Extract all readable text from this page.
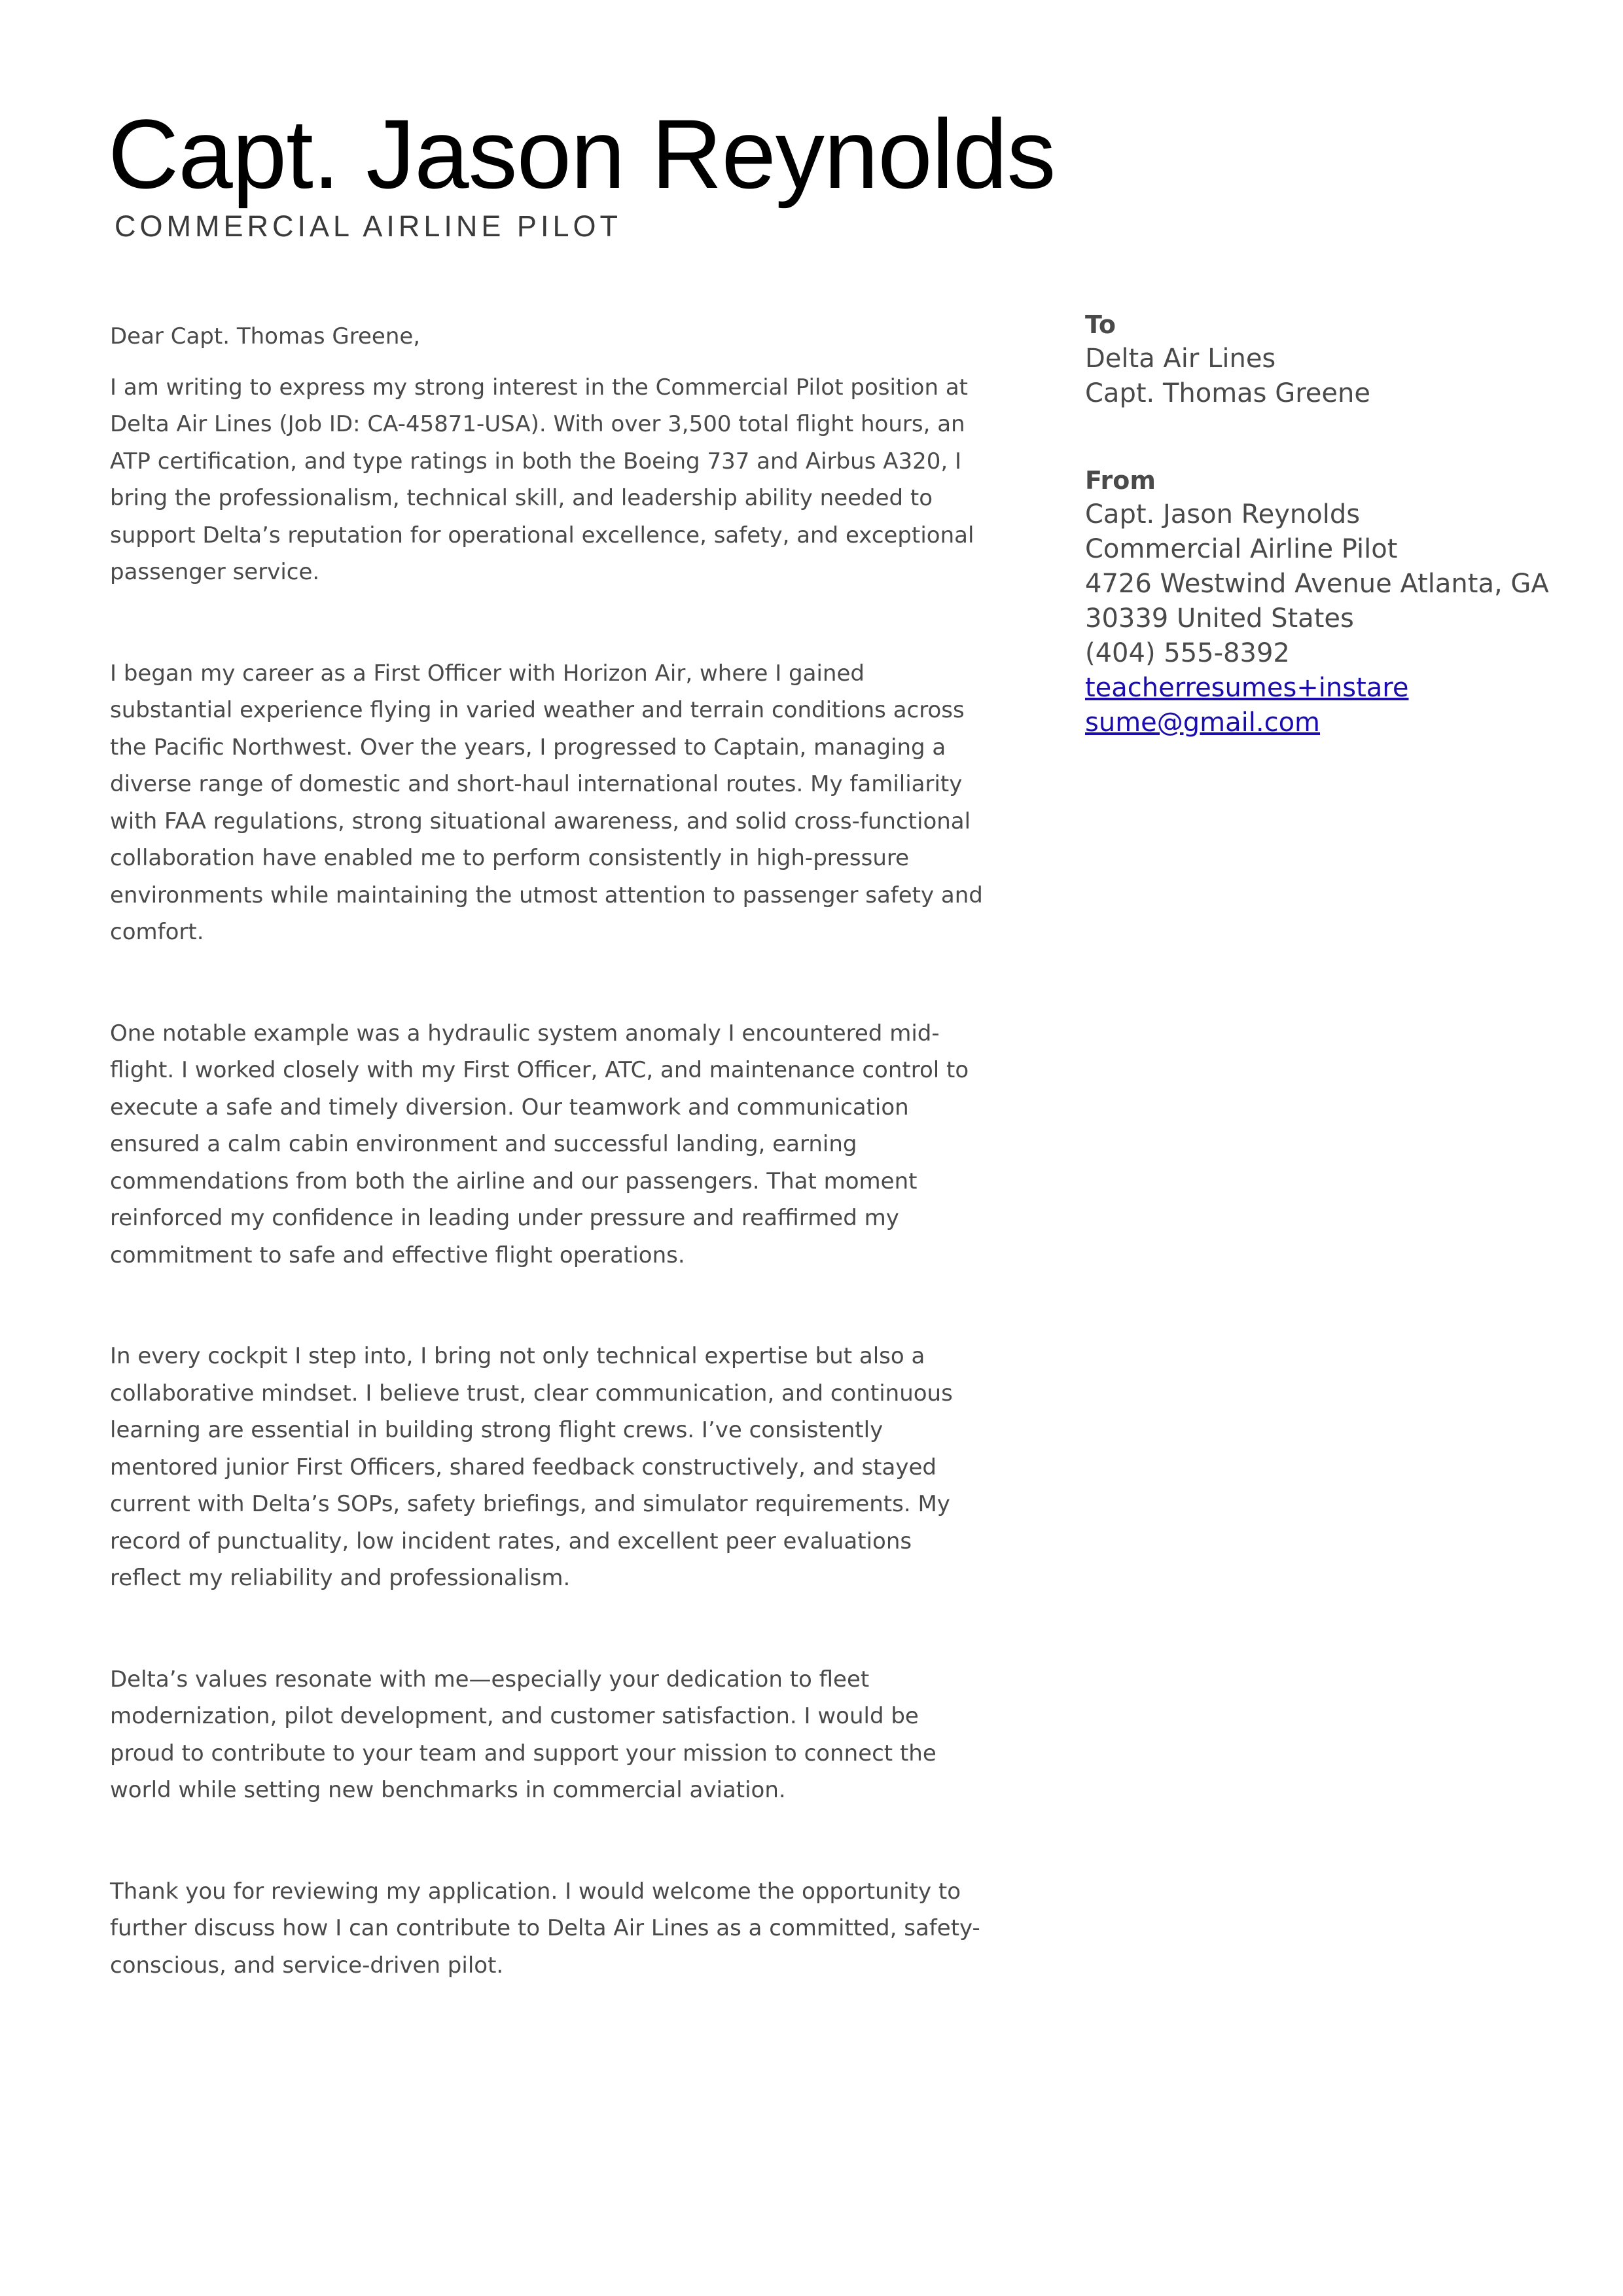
Capt. Jason Reynolds
COMMERCIAL AIRLINE PILOT

Dear Capt. Thomas Greene,

I am writing to express my strong interest in the Commercial Pilot position at Delta Air Lines (Job ID: CA-45871-USA). With over 3,500 total flight hours, an ATP certification, and type ratings in both the Boeing 737 and Airbus A320, I bring the professionalism, technical skill, and leadership ability needed to support Delta’s reputation for operational excellence, safety, and exceptional passenger service.

I began my career as a First Officer with Horizon Air, where I gained substantial experience flying in varied weather and terrain conditions across the Pacific Northwest. Over the years, I progressed to Captain, managing a diverse range of domestic and short-haul international routes. My familiarity with FAA regulations, strong situational awareness, and solid cross-functional collaboration have enabled me to perform consistently in high-pressure environments while maintaining the utmost attention to passenger safety and comfort.

One notable example was a hydraulic system anomaly I encountered mid-flight. I worked closely with my First Officer, ATC, and maintenance control to execute a safe and timely diversion. Our teamwork and communication ensured a calm cabin environment and successful landing, earning commendations from both the airline and our passengers. That moment reinforced my confidence in leading under pressure and reaffirmed my commitment to safe and effective flight operations.

In every cockpit I step into, I bring not only technical expertise but also a collaborative mindset. I believe trust, clear communication, and continuous learning are essential in building strong flight crews. I’ve consistently mentored junior First Officers, shared feedback constructively, and stayed current with Delta’s SOPs, safety briefings, and simulator requirements. My record of punctuality, low incident rates, and excellent peer evaluations reflect my reliability and professionalism.

Delta’s values resonate with me—especially your dedication to fleet modernization, pilot development, and customer satisfaction. I would be proud to contribute to your team and support your mission to connect the world while setting new benchmarks in commercial aviation.

Thank you for reviewing my application. I would welcome the opportunity to further discuss how I can contribute to Delta Air Lines as a committed, safety-conscious, and service-driven pilot.

To
Delta Air Lines
Capt. Thomas Greene
From
Capt. Jason Reynolds
Commercial Airline Pilot
4726 Westwind Avenue Atlanta, GA
30339 United States
(404) 555-8392
teacherresumes+instaresume@gmail.com
